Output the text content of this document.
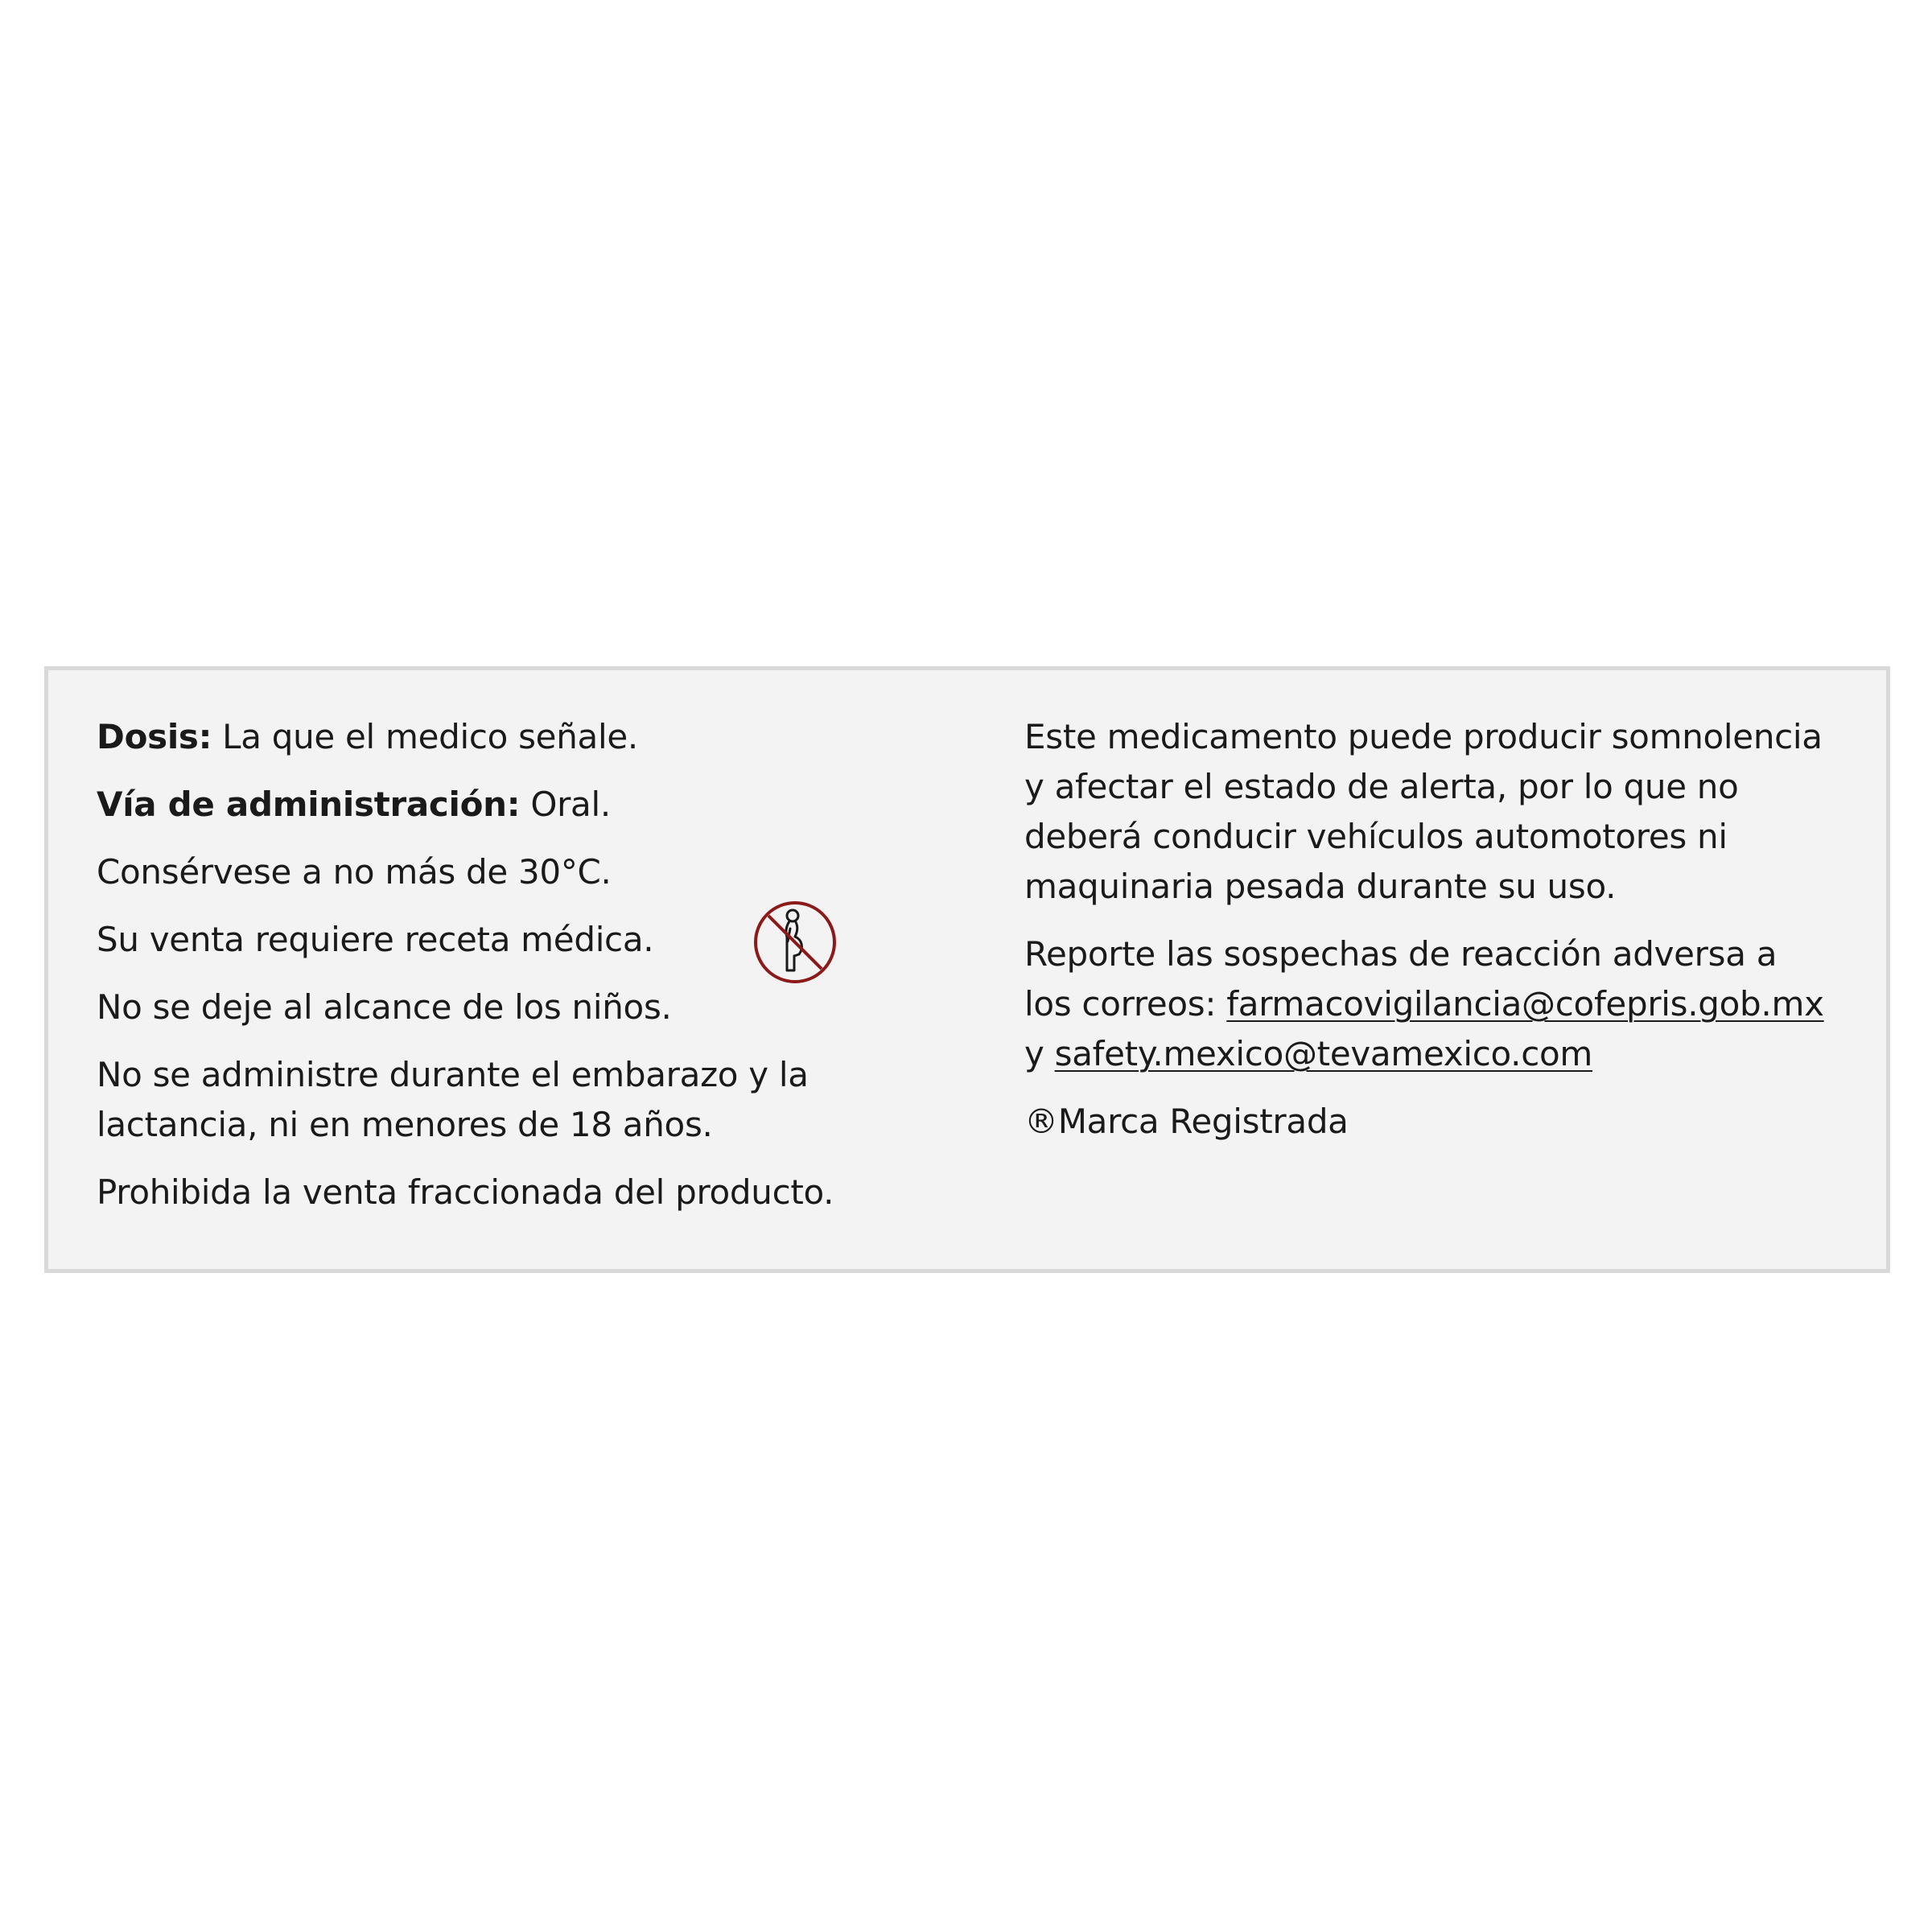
Dosis: La que el medico señale.

Vía de administración: Oral.

Consérvese a no más de 30°C.

Su venta requiere receta médica.

No se deje al alcance de los niños.

No se administre durante el embarazo y la
lactancia, ni en menores de 18 años.

Prohibida la venta fraccionada del producto.

Este medicamento puede producir somnolencia
y afectar el estado de alerta, por lo que no
deberá conducir vehículos automotores ni
maquinaria pesada durante su uso.

Reporte las sospechas de reacción adversa a
los correos: farmacovigilancia@cofepris.gob.mx
y safety.mexico@tevamexico.com

®Marca Registrada
